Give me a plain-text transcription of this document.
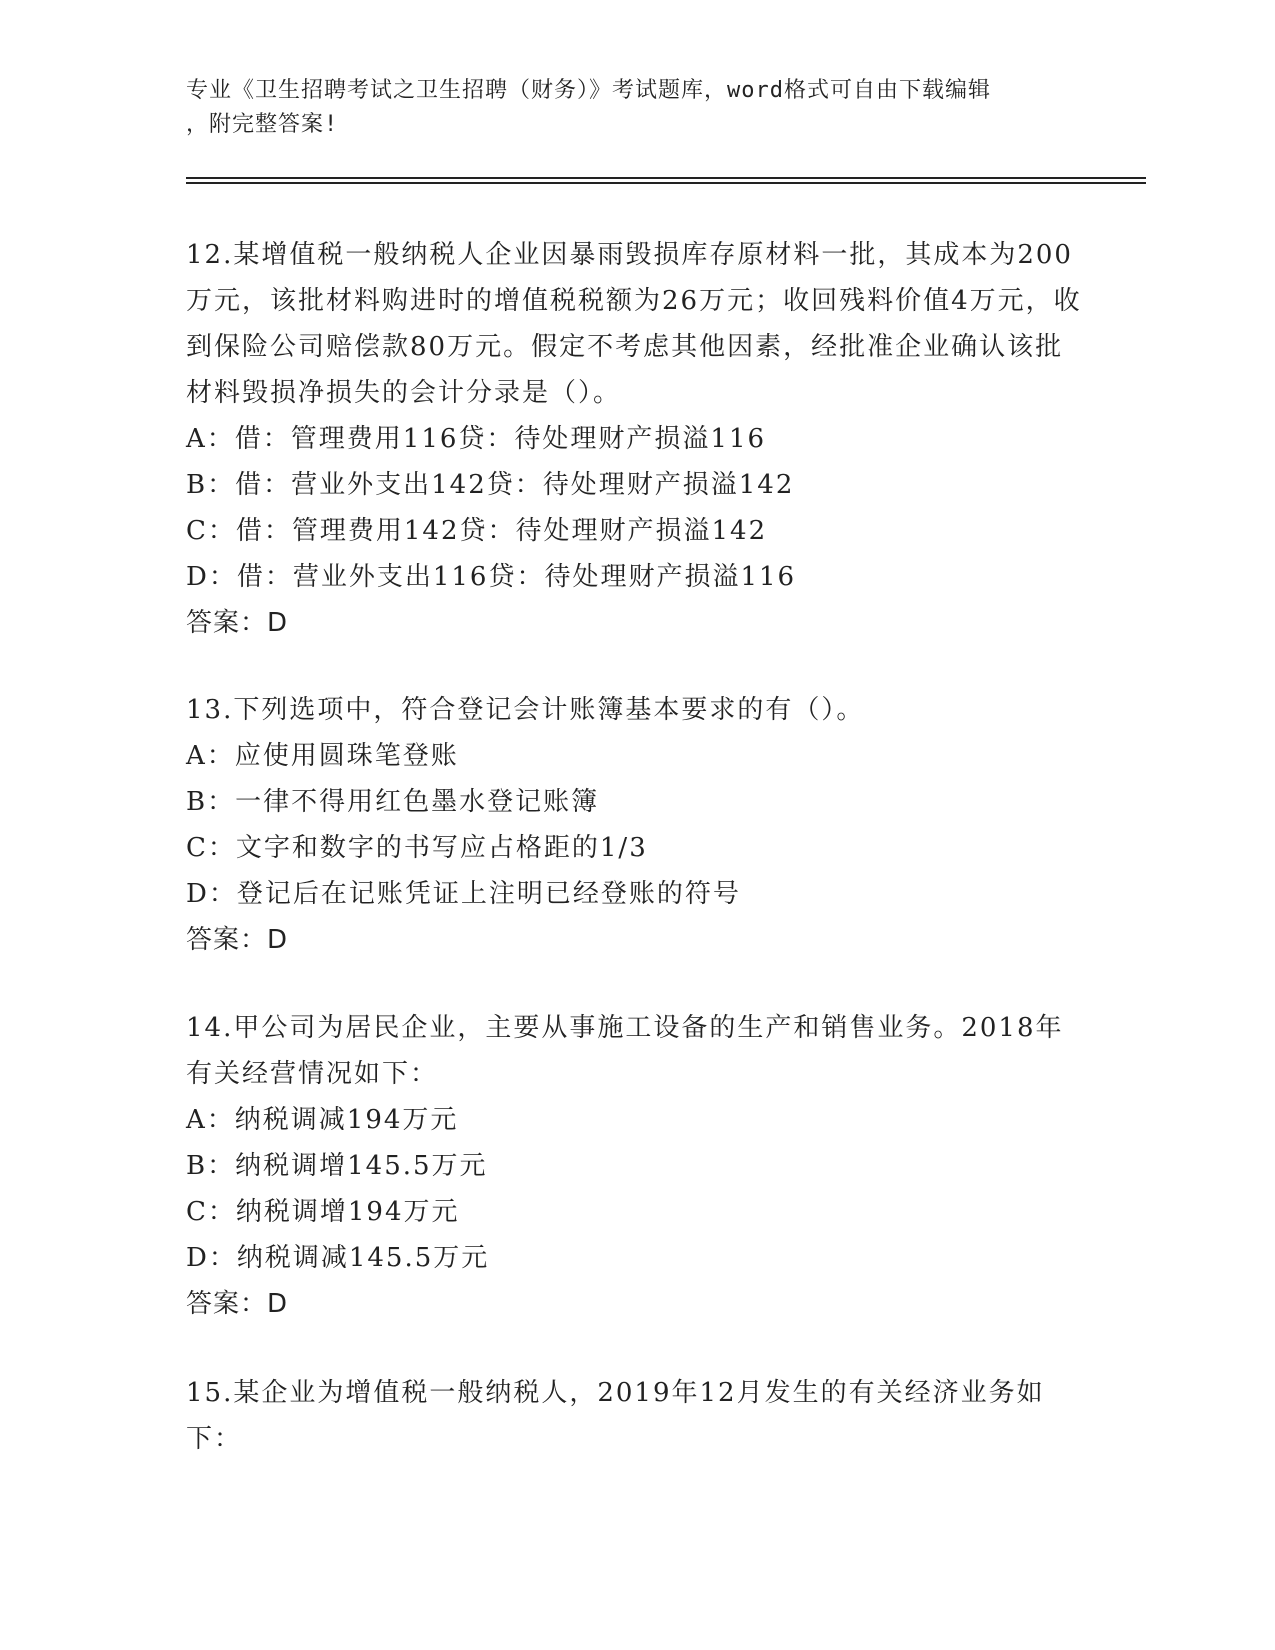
专业《卫生招聘考试之卫生招聘（财务）》考试题库，word格式可自由下载编辑
，附完整答案!

12.某增值税一般纳税人企业因暴雨毁损库存原材料一批，其成本为200万元，该批材料购进时的增值税税额为26万元；收回残料价值4万元，收到保险公司赔偿款80万元。假定不考虑其他因素，经批准企业确认该批材料毁损净损失的会计分录是（）。

A：借：管理费用116贷：待处理财产损溢116

B：借：营业外支出142贷：待处理财产损溢142

C：借：管理费用142贷：待处理财产损溢142

D：借：营业外支出116贷：待处理财产损溢116

答案：D

13.下列选项中，符合登记会计账簿基本要求的有（）。

A：应使用圆珠笔登账

B：一律不得用红色墨水登记账簿

C：文字和数字的书写应占格距的1/3

D：登记后在记账凭证上注明已经登账的符号

答案：D

14.甲公司为居民企业，主要从事施工设备的生产和销售业务。2018年有关经营情况如下：

A：纳税调减194万元

B：纳税调增145.5万元

C：纳税调增194万元

D：纳税调减145.5万元

答案：D

15.某企业为增值税一般纳税人，2019年12月发生的有关经济业务如下：
